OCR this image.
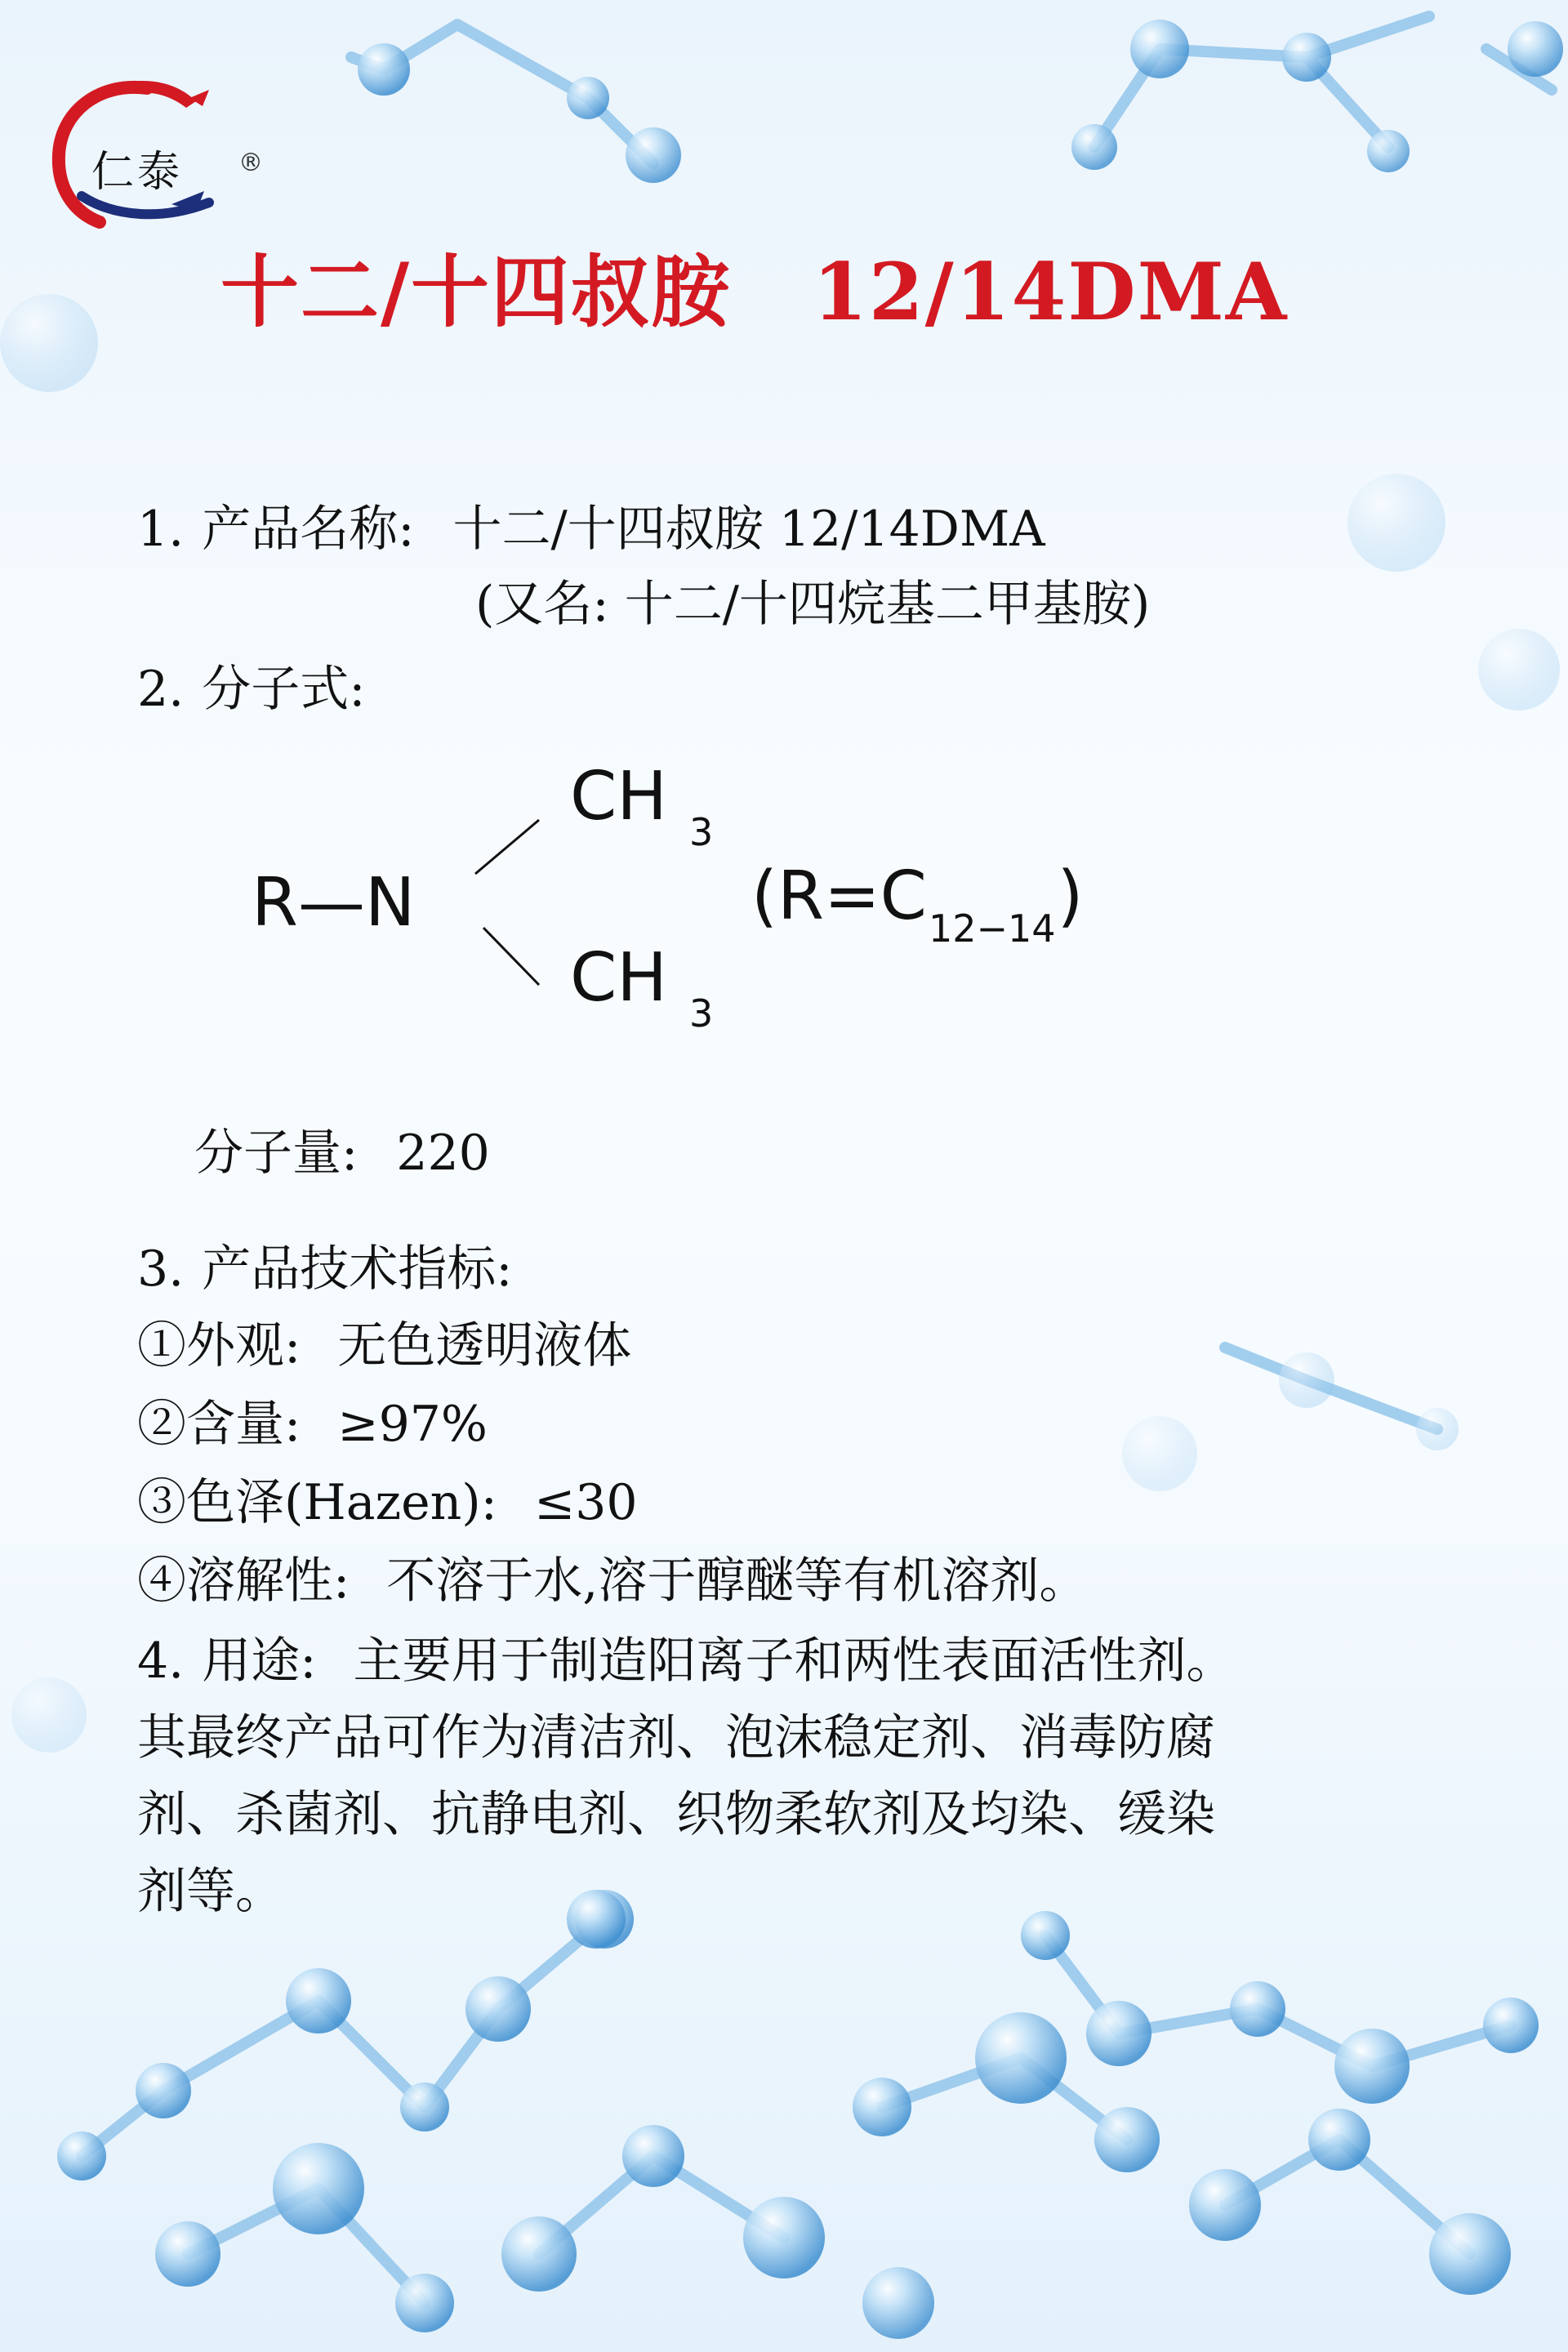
仁泰 ®
十二/十四叔胺 12/14DMA
1. 产品名称: 十二/十四叔胺 12/14DMA
(又名: 十二/十四烷基二甲基胺)
2. 分子式:
R—N
CH 3
CH 3
$(R=C_{12-14})$
分子量: 220
3. 产品技术指标:
①外观: 无色透明液体
②含量: ≥97%
③色泽(Hazen): ≤30
④溶解性: 不溶于水,溶于醇醚等有机溶剂。
4. 用途: 主要用于制造阳离子和两性表面活性剂。
其最终产品可作为清洁剂、泡沫稳定剂、消毒防腐
剂、杀菌剂、抗静电剂、织物柔软剂及均染、缓染
剂等。
